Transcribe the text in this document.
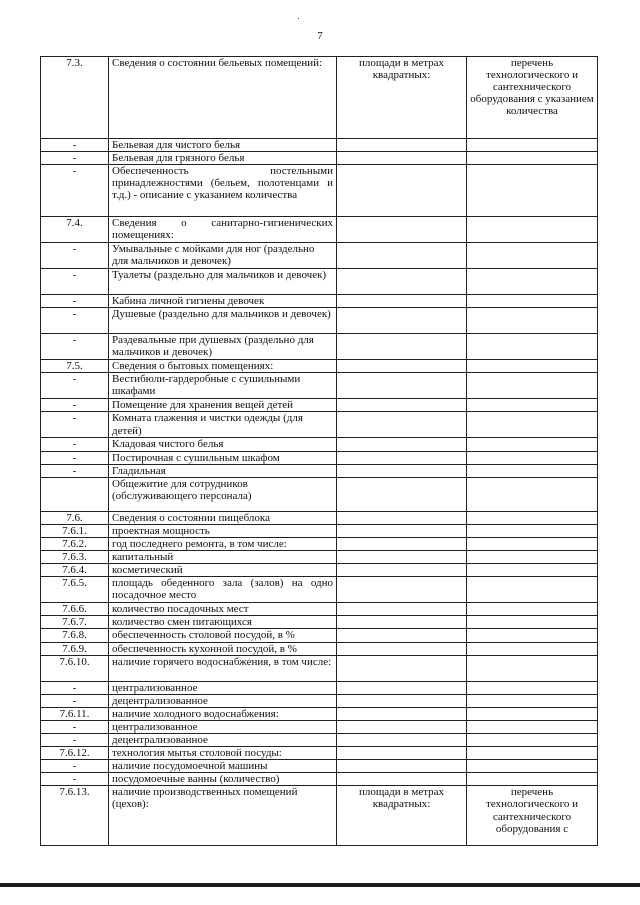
7
7.3.	Сведения о состоянии бельевых помещений:	площади в метрах квадратных:	перечень технологического и сантехнического оборудования с указанием количества
-	Бельевая для чистого белья		
-	Бельевая для грязного белья		
-	Обеспеченность постельными принадлежностями (бельем, полотенцами и т.д.) - описание с указанием количества		
7.4.	Сведения о санитарно-гигиенических помещениях:		
-	Умывальные с мойками для ног (раздельно для мальчиков и девочек)		
-	Туалеты (раздельно для мальчиков и девочек)		
-	Кабина личной гигиены девочек		
-	Душевые (раздельно для мальчиков и девочек)		
-	Раздевальные при душевых (раздельно для мальчиков и девочек)		
7.5.	Сведения о бытовых помещениях:		
-	Вестибюли-гардеробные с сушильными шкафами		
-	Помещение для хранения вещей детей		
-	Комната глажения и чистки одежды (для детей)		
-	Кладовая чистого белья		
-	Постирочная с сушильным шкафом		
-	Гладильная		
	Общежитие для сотрудников (обслуживающего персонала)		
7.6.	Сведения о состоянии пищеблока		
7.6.1.	проектная мощность		
7.6.2.	год последнего ремонта, в том числе:		
7.6.3.	капитальный		
7.6.4.	косметический		
7.6.5.	площадь обеденного зала (залов) на одно посадочное место		
7.6.6.	количество посадочных мест		
7.6.7.	количество смен питающихся		
7.6.8.	обеспеченность столовой посудой, в %		
7.6.9.	обеспеченность кухонной посудой, в %		
7.6.10.	наличие горячего водоснабжения, в том числе:		
-	централизованное		
-	децентрализованное		
7.6.11.	наличие холодного водоснабжения:		
-	централизованное		
-	децентрализованное		
7.6.12.	технология мытья столовой посуды:		
-	наличие посудомоечной машины		
-	посудомоечные ванны (количество)		
7.6.13.	наличие производственных помещений (цехов):	площади в метрах квадратных:	перечень технологического и сантехнического оборудования с
